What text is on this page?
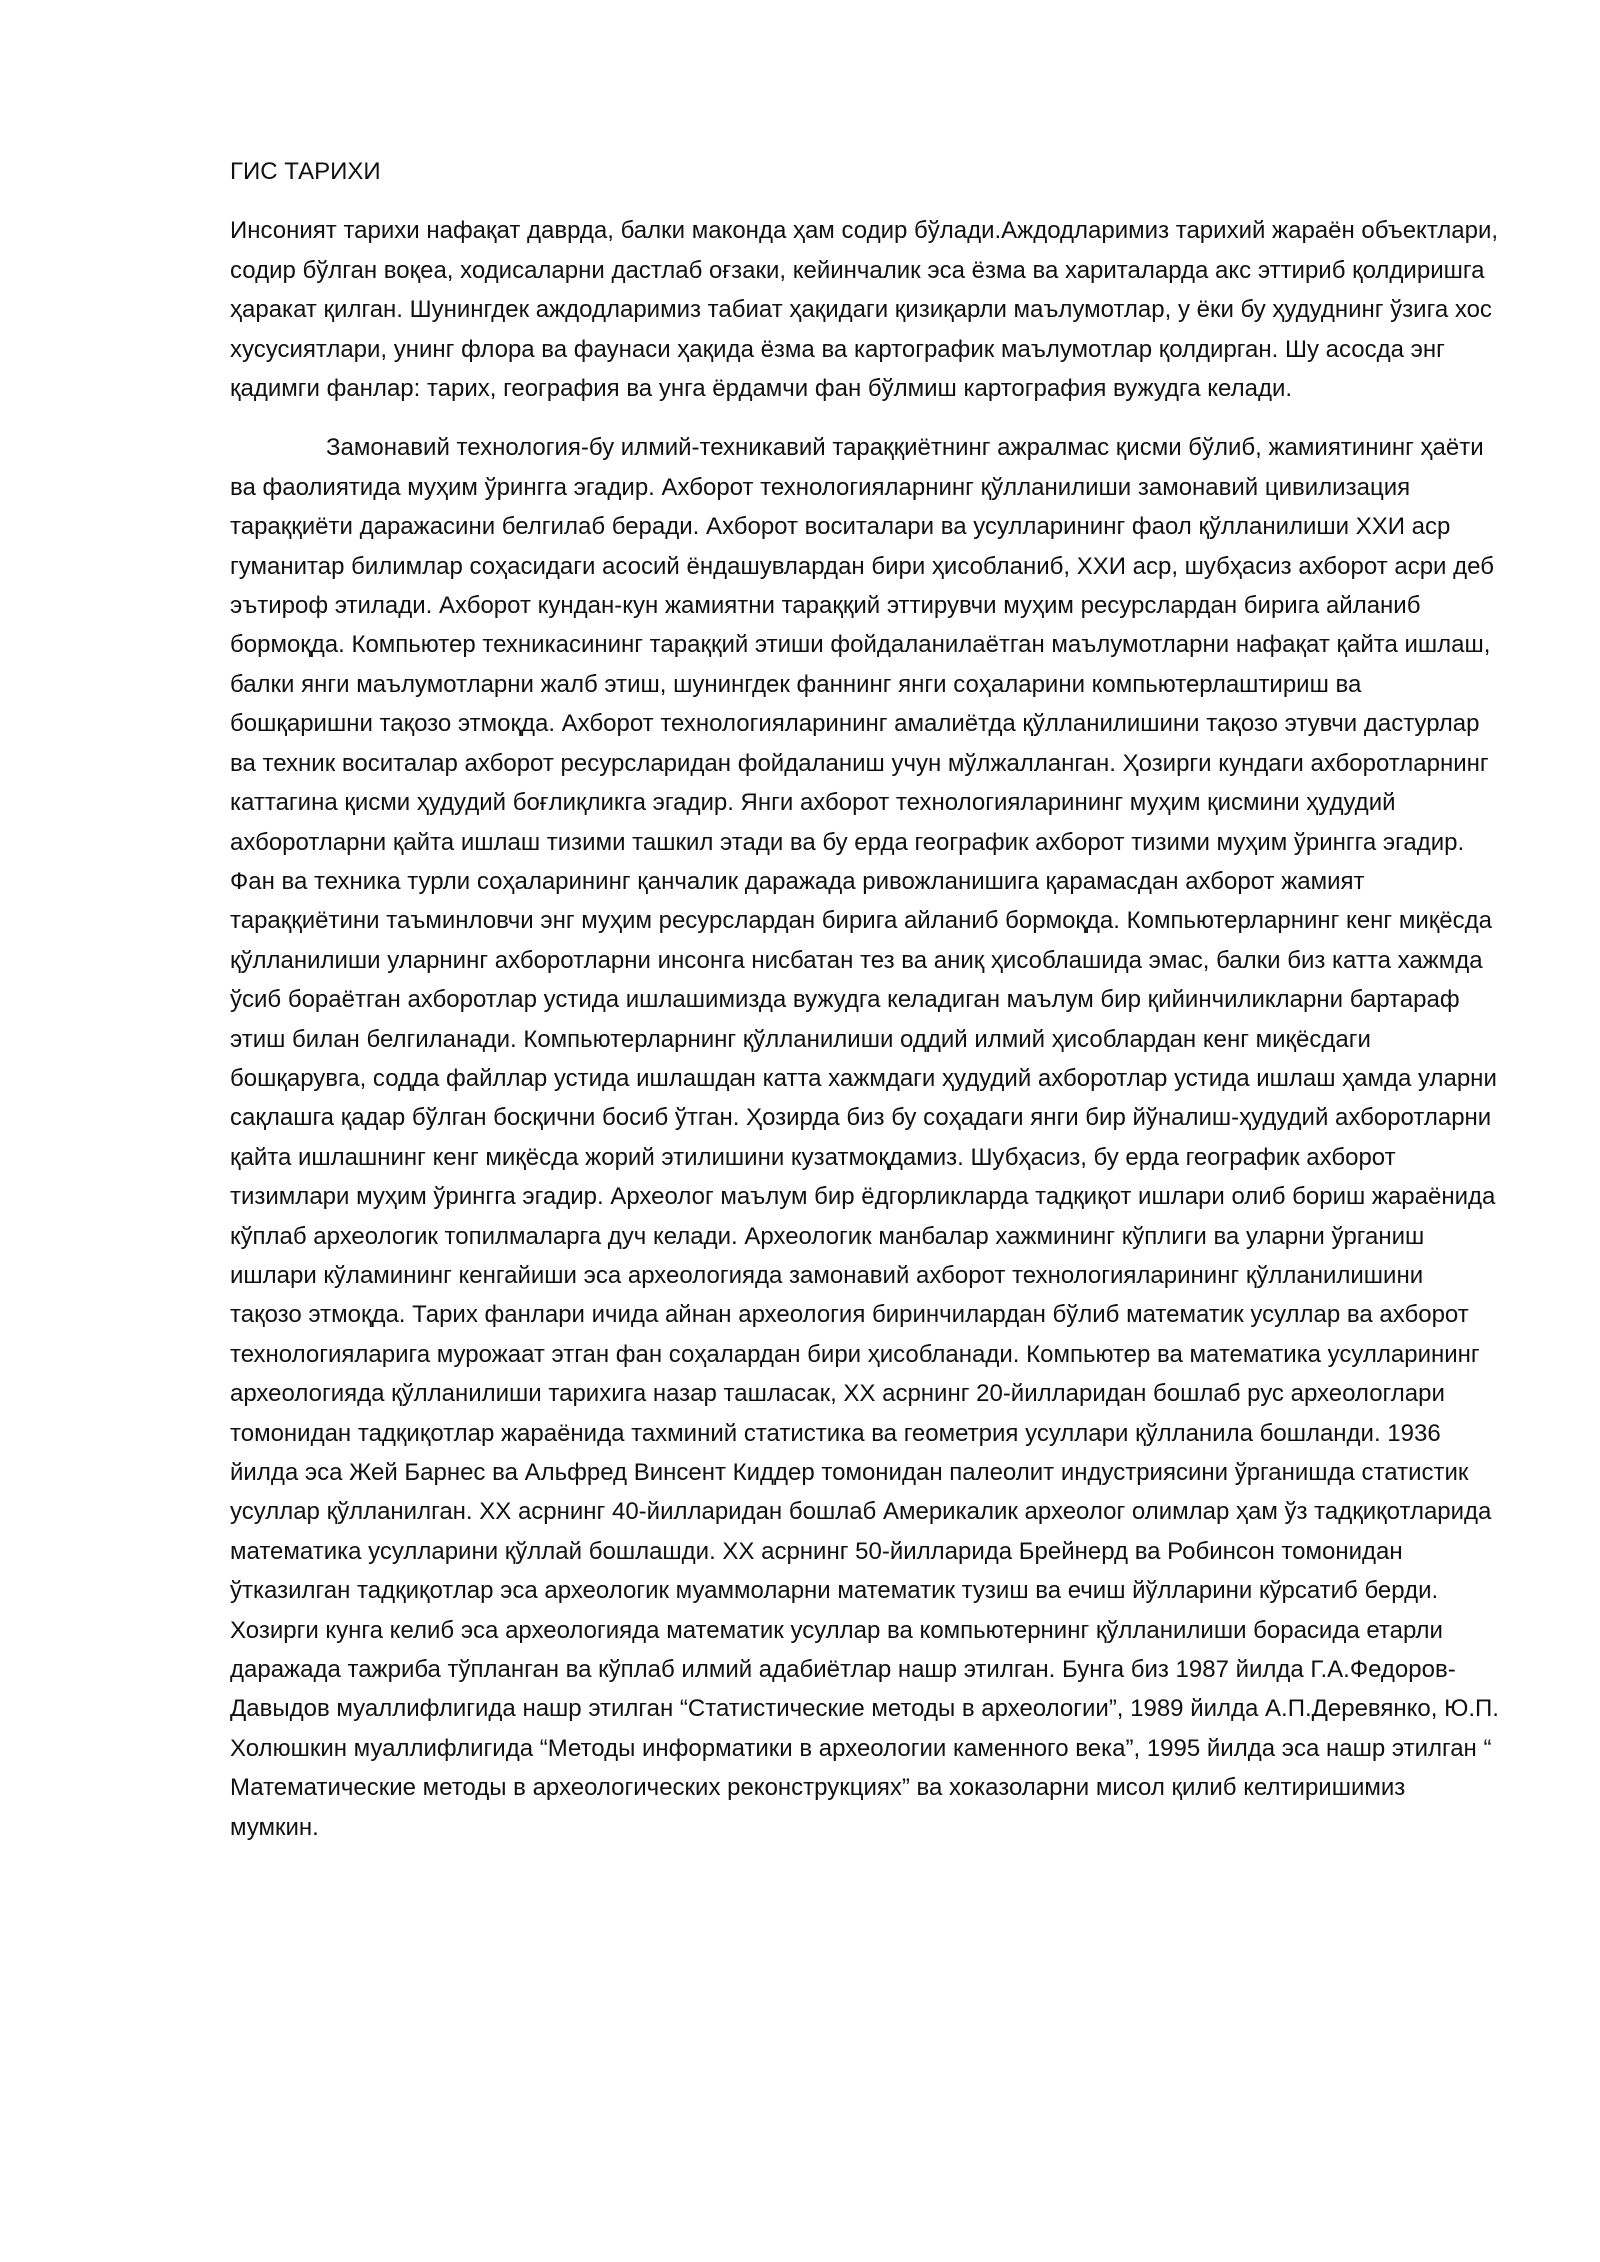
ГИС ТАРИХИ

Инсоният тарихи нафақат даврда, балки маконда ҳам содир бўлади.Аждодларимиз тарихий жараён объектлари, содир бўлган воқеа, ходисаларни дастлаб оғзаки, кейинчалик эса ёзма ва хариталарда акс эттириб қолдиришга ҳаракат қилган. Шунингдек аждодларимиз табиат ҳақидаги қизиқарли маълумотлар, у ёки бу ҳудуднинг ўзига хос хусусиятлари, унинг флора ва фаунаси ҳақида ёзма ва картографик маълумотлар қолдирган. Шу асосда энг қадимги фанлар: тарих, география ва унга ёрдамчи фан бўлмиш картография вужудга келади.

Замонавий технология-бу илмий-техникавий тараққиётнинг ажралмас қисми бўлиб, жамиятининг ҳаёти ва фаолиятида муҳим ўрингга эгадир. Ахборот технологияларнинг қўлланилиши замонавий цивилизация тараққиёти даражасини белгилаб беради. Ахборот воситалари ва усулларининг фаол қўлланилиши ХХИ аср гуманитар билимлар соҳасидаги асосий ёндашувлардан бири ҳисобланиб, ХХИ аср, шубҳасиз ахборот асри деб эътироф этилади. Ахборот кундан-кун жамиятни тараққий эттирувчи муҳим ресурслардан бирига айланиб бормоқда. Компьютер техникасининг тараққий этиши фойдаланилаётган маълумотларни нафақат қайта ишлаш, балки янги маълумотларни жалб этиш, шунингдек фаннинг янги соҳаларини компьютерлаштириш ва бошқаришни тақозо этмоқда. Ахборот технологияларининг амалиётда қўлланилишини тақозо этувчи дастурлар ва техник воситалар ахборот ресурсларидан фойдаланиш учун мўлжалланган. Ҳозирги кундаги ахборотларнинг каттагина қисми ҳудудий боғлиқликга эгадир. Янги ахборот технологияларининг муҳим қисмини ҳудудий ахборотларни қайта ишлаш тизими ташкил этади ва бу ерда географик ахборот тизими муҳим ўрингга эгадир. Фан ва техника турли соҳаларининг қанчалик даражада ривожланишига қарамасдан ахборот жамият тараққиётини таъминловчи энг муҳим ресурслардан бирига айланиб бормоқда. Компьютерларнинг кенг миқёсда қўлланилиши уларнинг ахборотларни инсонга нисбатан тез ва аниқ ҳисоблашида эмас, балки биз катта хажмда ўсиб бораётган ахборотлар устида ишлашимизда вужудга келадиган маълум бир қийинчиликларни бартараф этиш билан белгиланади. Компьютерларнинг қўлланилиши оддий илмий ҳисоблардан кенг миқёсдаги бошқарувга, содда файллар устида ишлашдан катта хажмдаги ҳудудий ахборотлар устида ишлаш ҳамда уларни сақлашга қадар бўлган босқични босиб ўтган. Ҳозирда биз бу соҳадаги янги бир йўналиш-ҳудудий ахборотларни қайта ишлашнинг кенг миқёсда жорий этилишини кузатмоқдамиз. Шубҳасиз, бу ерда географик ахборот тизимлари муҳим ўрингга эгадир. Археолог маълум бир ёдгорликларда тадқиқот ишлари олиб бориш жараёнида кўплаб археологик топилмаларга дуч келади. Археологик манбалар хажмининг кўплиги ва уларни ўрганиш ишлари кўламининг кенгайиши эса археологияда замонавий ахборот технологияларининг қўлланилишини тақозо этмоқда. Тарих фанлари ичида айнан археология биринчилардан бўлиб математик усуллар ва ахборот технологияларига мурожаат этган фан соҳалардан бири ҳисобланади. Компьютер ва математика усулларининг археологияда қўлланилиши тарихига назар ташласак, ХХ асрнинг 20-йилларидан бошлаб рус археологлари томонидан тадқиқотлар жараёнида тахминий статистика ва геометрия усуллари қўлланила бошланди. 1936 йилда эса Жей Барнес ва Альфред Винсент Киддер томонидан палеолит индустриясини ўрганишда статистик усуллар қўлланилган. ХХ асрнинг 40-йилларидан бошлаб Америкалик археолог олимлар ҳам ўз тадқиқотларида математика усулларини қўллай бошлашди. ХХ асрнинг 50-йилларида Брейнерд ва Робинсон томонидан ўтказилган тадқиқотлар эса археологик муаммоларни математик тузиш ва ечиш йўлларини кўрсатиб берди. Хозирги кунга келиб эса археологияда математик усуллар ва компьютернинг қўлланилиши борасида етарли даражада тажриба тўпланган ва кўплаб илмий адабиётлар нашр этилган. Бунга биз 1987 йилда Г.А.Федоров-Давыдов муаллифлигида нашр этилган “Статистические методы в археологии”, 1989 йилда А.П.Деревянко, Ю.П. Холюшкин муаллифлигида “Методы информатики в археологии каменного века”, 1995 йилда эса нашр этилган “ Математические методы в археологических реконструкциях” ва хоказоларни мисол қилиб келтиришимиз мумкин.
